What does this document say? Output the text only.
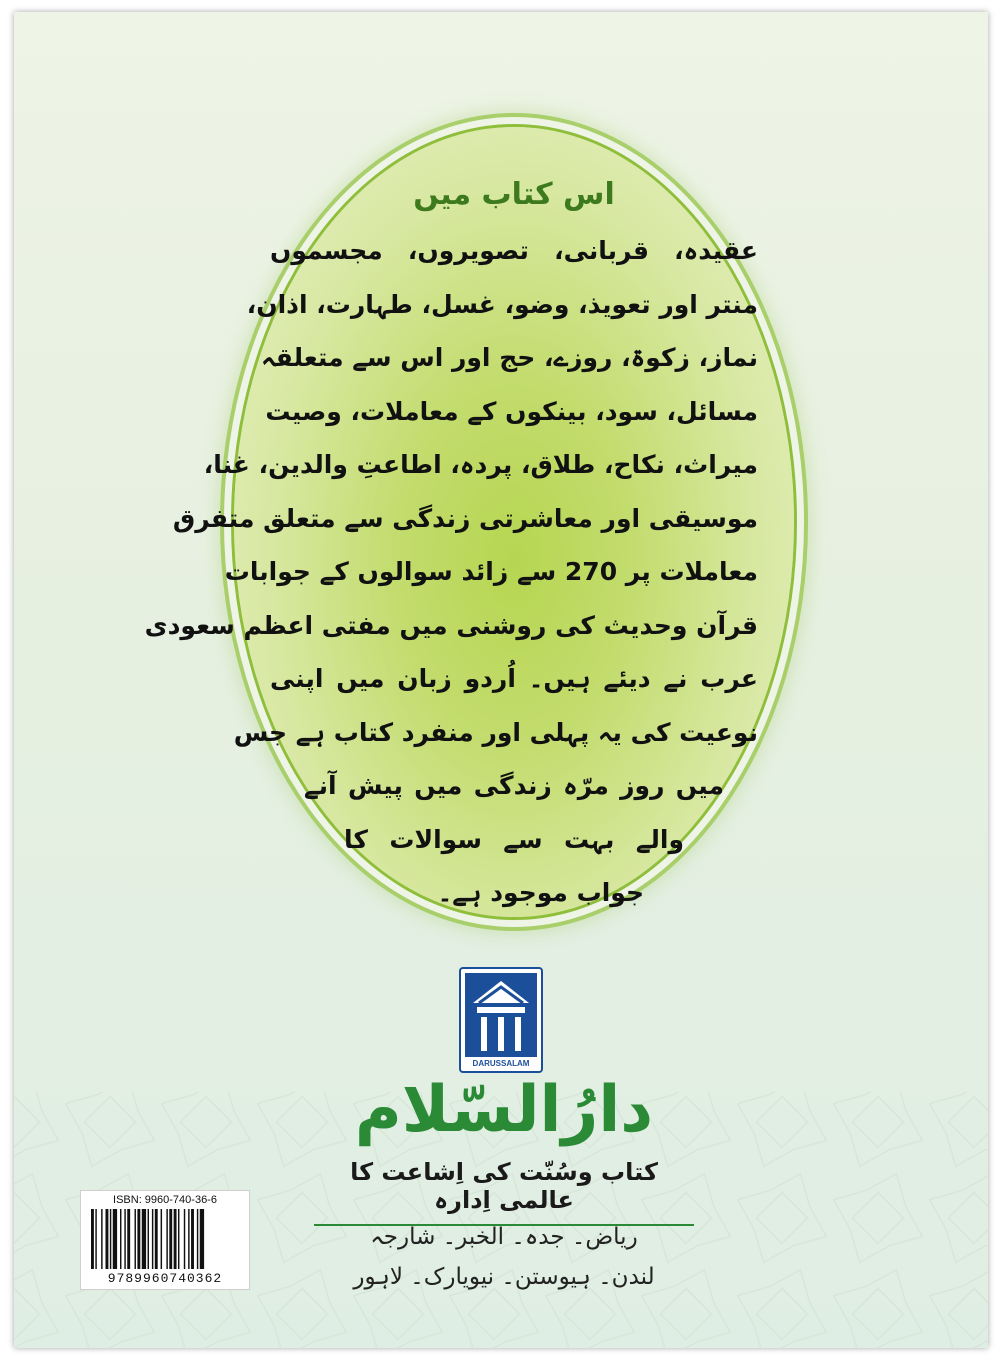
اس کتاب میں
عقیدہ، قربانی، تصویروں، مجسموں
منتر اور تعویذ، وضو، غسل، طہارت، اذان،
نماز، زکوۃ، روزے، حج اور اس سے متعلقہ
مسائل، سود، بینکوں کے معاملات، وصیت
میراث، نکاح، طلاق، پردہ، اطاعتِ والدین، غنا،
موسیقی اور معاشرتی زندگی سے متعلق متفرق
معاملات پر 270 سے زائد سوالوں کے جوابات
قرآن وحدیث کی روشنی میں مفتی اعظم سعودی
عرب نے دیئے ہیں۔ اُردو زبان میں اپنی
نوعیت کی یہ پہلی اور منفرد کتاب ہے جس
میں روز مرّہ زندگی میں پیش آنے
والے بہت سے سوالات کا
جواب موجود ہے۔
DARUSSALAM
دارُالسّلام
کتاب وسُنّت کی اِشاعت کا عالمی اِدارہ
ریاض۔ جدہ۔ الخبر۔ شارجہ
لندن۔ ہیوستن۔ نیویارک۔ لاہور
ISBN: 9960-740-36-6
9789960740362
